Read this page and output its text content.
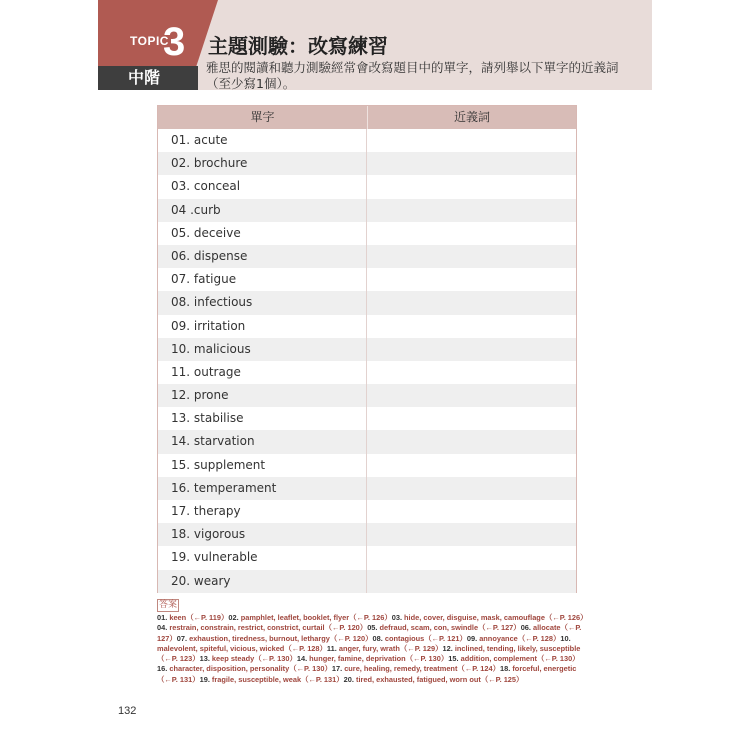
TOPIC
3
中階
主題測驗：改寫練習
雅思的閱讀和聽力測驗經常會改寫題目中的單字，請列舉以下單字的近義詞（至少寫1個）。
單字	近義詞
01. acute
02. brochure
03. conceal
04 .curb
05. deceive
06. dispense
07. fatigue
08. infectious
09. irritation
10. malicious
11. outrage
12. prone
13. stabilise
14. starvation
15. supplement
16. temperament
17. therapy
18. vigorous
19. vulnerable
20. weary
答案
01. keen（←P. 119）02. pamphlet, leaflet, booklet, flyer（←P. 126）03. hide, cover, disguise, mask, camouflage（←P. 126）04. restrain, constrain, restrict, constrict, curtail（←P. 120）05. defraud, scam, con, swindle（←P. 127）06. allocate（←P. 127）07. exhaustion, tiredness, burnout, lethargy（←P. 120）08. contagious（←P. 121）09. annoyance（←P. 128）10. malevolent, spiteful, vicious, wicked（←P. 128）11. anger, fury, wrath（←P. 129）12. inclined, tending, likely, susceptible（←P. 123）13. keep steady（←P. 130）14. hunger, famine, deprivation（←P. 130）15. addition, complement（←P. 130）16. character, disposition, personality（←P. 130）17. cure, healing, remedy, treatment（←P. 124）18. forceful, energetic（←P. 131）19. fragile, susceptible, weak（←P. 131）20. tired, exhausted, fatigued, worn out（←P. 125）
132
